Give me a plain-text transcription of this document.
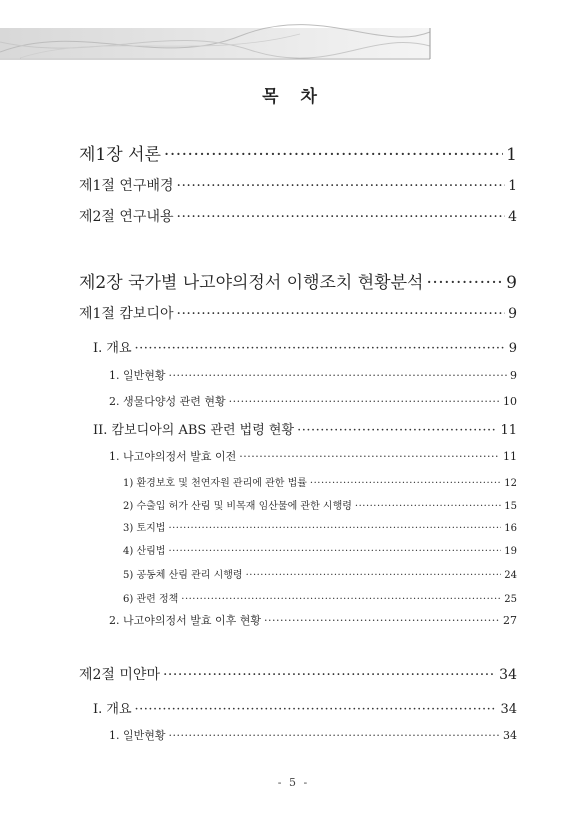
목 차
제1장 서론 ·····	1
제1절 연구배경 ·····	1
제2절 연구내용 ·····	4
제2장 국가별 나고야의정서 이행조치 현황분석 ·····	9
제1절 캄보디아 ·····	9
I. 개요 ·····	9
1. 일반현황 ·····	9
2. 생물다양성 관련 현황 ·····	10
II. 캄보디아의 ABS 관련 법령 현황 ·····	11
1. 나고야의정서 발효 이전 ·····	11
1) 환경보호 및 천연자원 관리에 관한 법률 ·····	12
2) 수출입 허가 산림 및 비목재 임산물에 관한 시행령 ·····	15
3) 토지법 ·····	16
4) 산림법 ·····	19
5) 공동체 산림 관리 시행령 ·····	24
6) 관련 정책 ·····	25
2. 나고야의정서 발효 이후 현황 ·····	27
제2절 미얀마 ·····	34
I. 개요 ·····	34
1. 일반현황 ·····	34
- 5 -
